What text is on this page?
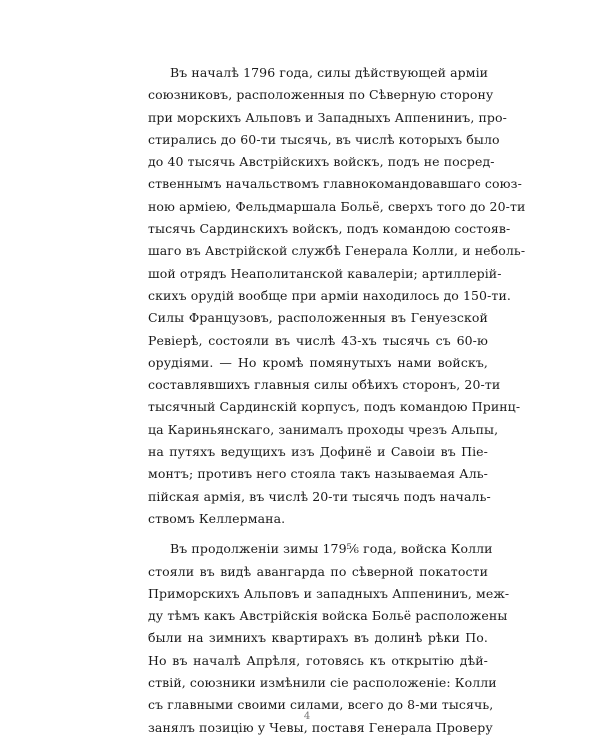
Въ началѣ 1796 года, силы дѣйствующей арміи
союзниковъ, расположенныя по Сѣверную сторону
при морскихъ Альповъ и Западныхъ Аппениниъ, про-
стирались до 60-ти тысячь, въ числѣ которыхъ было
до 40 тысячь Австрійскихъ войскъ, подъ не посред-
ственнымъ начальствомъ главнокомандовавшаго союз-
ною арміею, Фельдмаршала Больё, сверхъ того до 20-ти
тысячь Сардинскихъ войскъ, подъ командою состояв-
шаго въ Австрійской службѣ Генерала Колли, и неболь-
шой отрядъ Неаполитанской кавалеріи; артиллерій-
скихъ орудій вообще при арміи находилось до 150-ти.
Силы Французовъ, расположенныя въ Генуезской
Ревіерѣ, состояли въ числѣ 43-хъ тысячь съ 60-ю
орудіями. — Но кромѣ помянутыхъ нами войскъ,
составлявшихъ главныя силы обѣихъ сторонъ, 20-ти
тысячный Сардинскій корпусъ, подъ командою Принц-
ца Кариньянскаго, занималъ проходы чрезъ Альпы,
на путяхъ ведущихъ изъ Дофинё и Савоіи въ Піе-
монтъ; противъ него стояла такъ называемая Аль-
пійская армія, въ числѣ 20-ти тысячь подъ началь-
ствомъ Келлермана.
Въ продолженіи зимы 179⁵⁄₆ года, войска Колли
стояли въ видѣ авангарда по сѣверной покатости
Приморскихъ Альповъ и западныхъ Аппениниъ, меж-
ду тѣмъ какъ Австрійскія войска Больё расположены
были на зимнихъ квартирахъ въ долинѣ рѣки По.
Но въ началѣ Апрѣля, готовясь къ открытію дѣй-
ствій, союзники измѣнили сіе расположеніе: Колли
съ главными своими силами, всего до 8-ми тысячь,
занялъ позицію у Чевы, поставя Генерала Проверу
4
